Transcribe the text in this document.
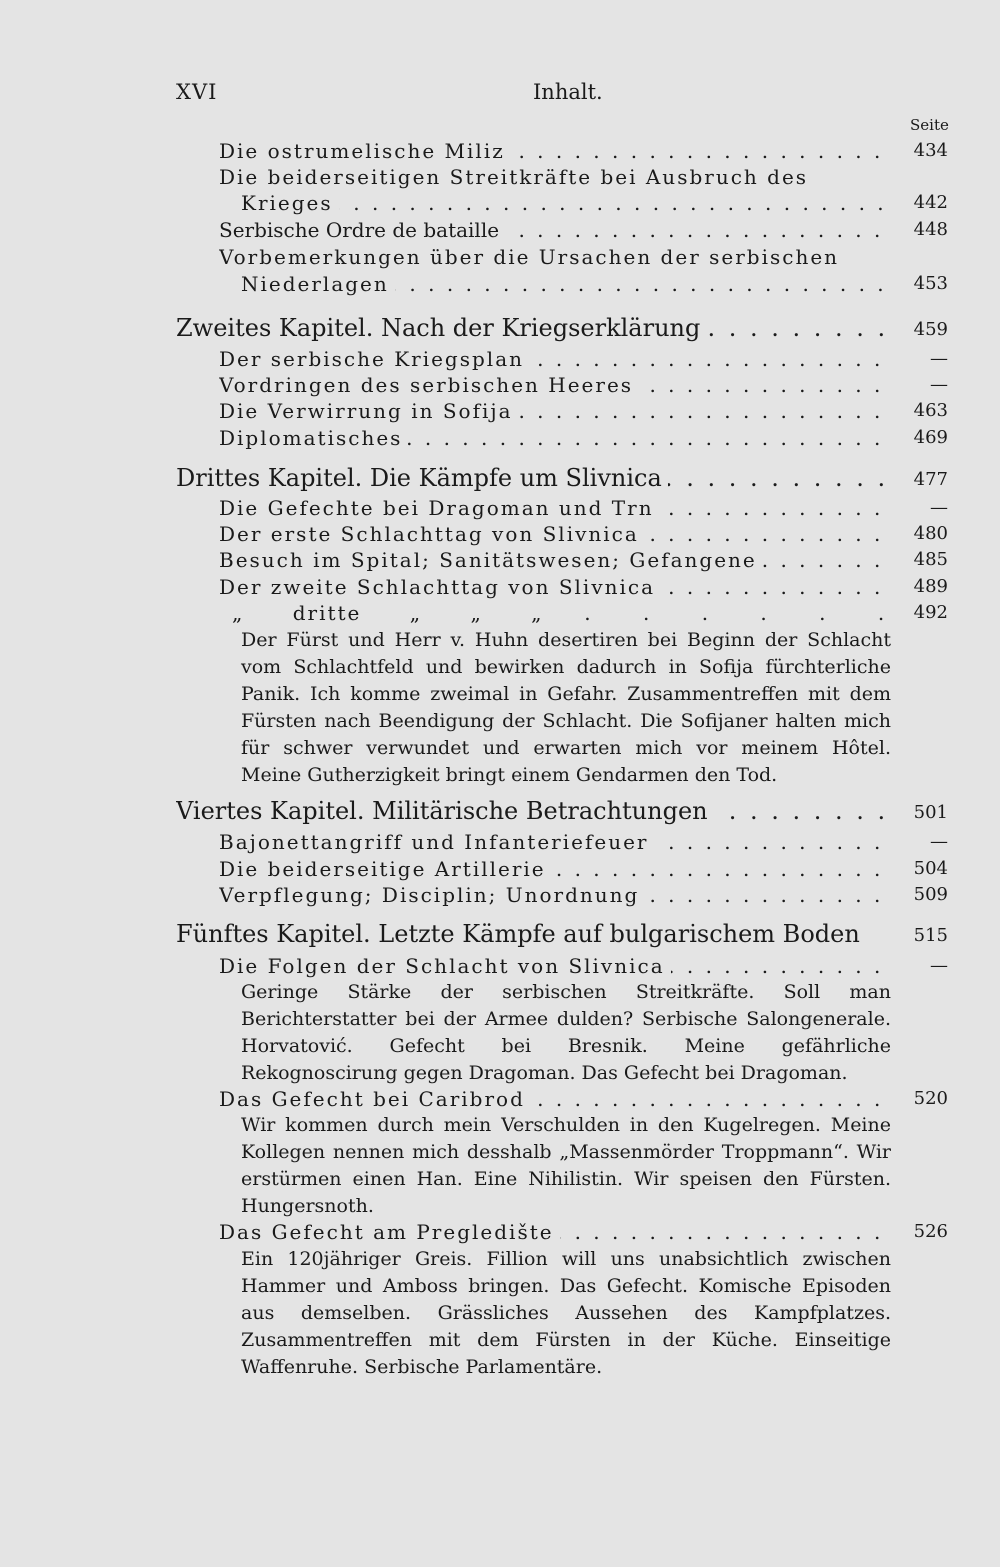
XVI	Inhalt.
Seite
Die ostrumelische Miliz . . .	434
Die beiderseitigen Streitkräfte bei Ausbruch des
Krieges . . .	442
Serbische Ordre de bataille . . .	448
Vorbemerkungen über die Ursachen der serbischen
Niederlagen . . .	453
Zweites Kapitel. Nach der Kriegserklärung . . .	459
Der serbische Kriegsplan . . .	—
Vordringen des serbischen Heeres . . .	—
Die Verwirrung in Sofija . . .	463
Diplomatisches . . .	469
Drittes Kapitel. Die Kämpfe um Slivnica . . .	477
Die Gefechte bei Dragoman und Trn . . .	—
Der erste Schlachttag von Slivnica . . .	480
Besuch im Spital; Sanitätswesen; Gefangene . . .	485
Der zweite Schlachttag von Slivnica . . .	489
„ dritte „ „ „ . . .	492
Der Fürst und Herr v. Huhn desertiren bei Beginn der Schlacht vom Schlachtfeld und bewirken dadurch in Sofija fürchterliche Panik. Ich komme zweimal in Gefahr. Zusammentreffen mit dem Fürsten nach Beendigung der Schlacht. Die Sofijaner halten mich für schwer verwundet und erwarten mich vor meinem Hôtel. Meine Gutherzigkeit bringt einem Gendarmen den Tod.
Viertes Kapitel. Militärische Betrachtungen . . .	501
Bajonettangriff und Infanteriefeuer . . .	—
Die beiderseitige Artillerie . . .	504
Verpflegung; Disciplin; Unordnung . . .	509
Fünftes Kapitel. Letzte Kämpfe auf bulgarischem Boden	515
Die Folgen der Schlacht von Slivnica . . .	—
Geringe Stärke der serbischen Streitkräfte. Soll man Berichterstatter bei der Armee dulden? Serbische Salongenerale. Horvatović. Gefecht bei Bresnik. Meine gefährliche Rekognoscirung gegen Dragoman. Das Gefecht bei Dragoman.
Das Gefecht bei Caribrod . . .	520
Wir kommen durch mein Verschulden in den Kugelregen. Meine Kollegen nennen mich desshalb „Massenmörder Troppmann“. Wir erstürmen einen Han. Eine Nihilistin. Wir speisen den Fürsten. Hungersnoth.
Das Gefecht am Pregledište . . .	526
Ein 120jähriger Greis. Fillion will uns unabsichtlich zwischen Hammer und Amboss bringen. Das Gefecht. Komische Episoden aus demselben. Grässliches Aussehen des Kampfplatzes. Zusammentreffen mit dem Fürsten in der Küche. Einseitige Waffenruhe. Serbische Parlamentäre.
